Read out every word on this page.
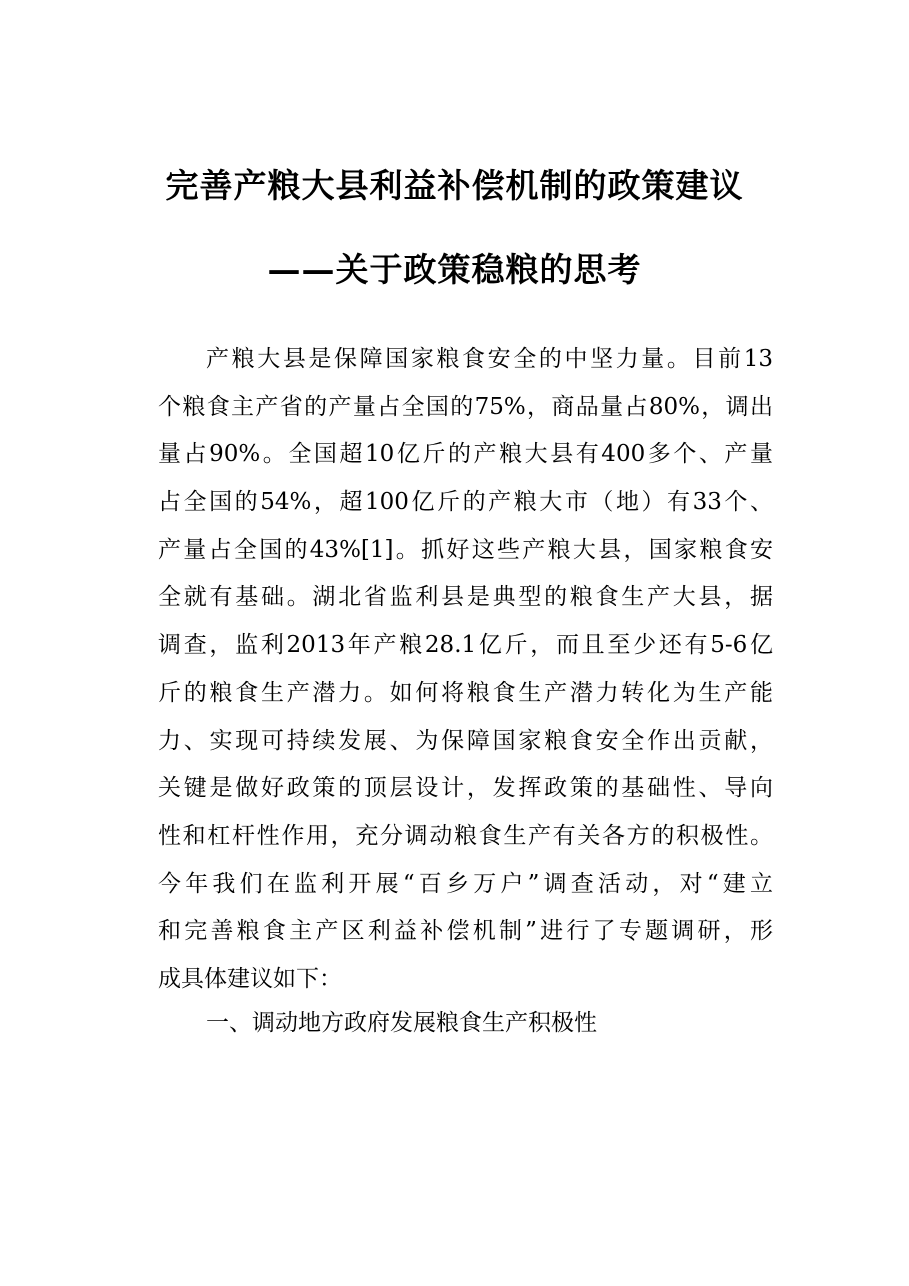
完善产粮大县利益补偿机制的政策建议
——关于政策稳粮的思考
产粮大县是保障国家粮食安全的中坚力量。目前13
个粮食主产省的产量占全国的75%，商品量占80%，调出
量占90%。全国超10亿斤的产粮大县有400多个、产量
占全国的54%，超100亿斤的产粮大市（地）有33个、
产量占全国的43%[1]。抓好这些产粮大县，国家粮食安
全就有基础。湖北省监利县是典型的粮食生产大县，据
调查，监利2013年产粮28.1亿斤，而且至少还有5-6亿
斤的粮食生产潜力。如何将粮食生产潜力转化为生产能
力、实现可持续发展、为保障国家粮食安全作出贡献，
关键是做好政策的顶层设计，发挥政策的基础性、导向
性和杠杆性作用，充分调动粮食生产有关各方的积极性。
今年我们在监利开展“百乡万户”调查活动，对“建立
和完善粮食主产区利益补偿机制”进行了专题调研，形
成具体建议如下：
一、调动地方政府发展粮食生产积极性
